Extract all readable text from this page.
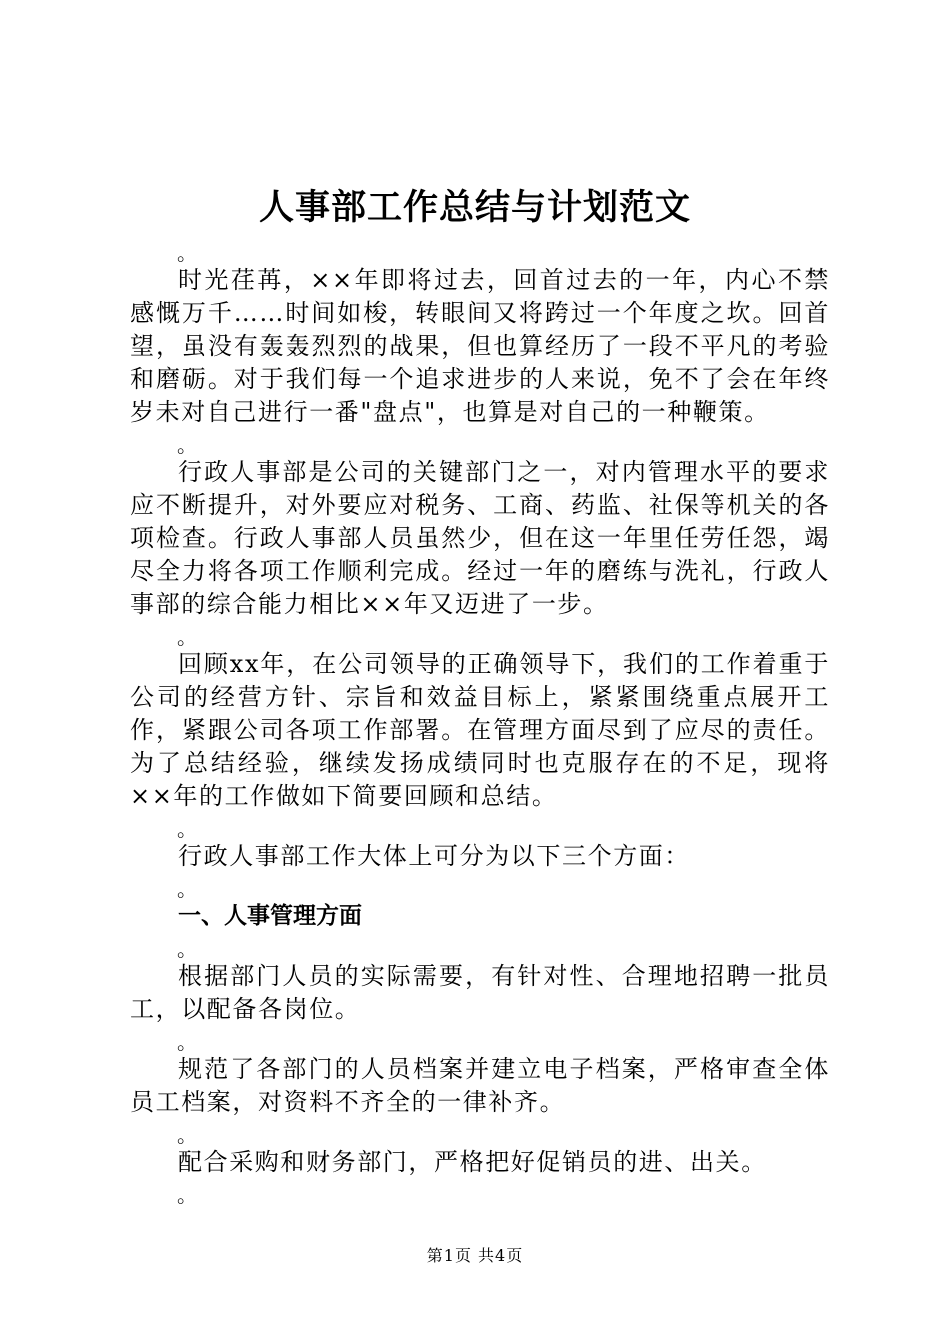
人事部工作总结与计划范文
。

时光荏苒，××年即将过去，回首过去的一年，内心不禁感慨万千……时间如梭，转眼间又将跨过一个年度之坎。回首望，虽没有轰轰烈烈的战果，但也算经历了一段不平凡的考验和磨砺。对于我们每一个追求进步的人来说，免不了会在年终岁未对自己进行一番"盘点"，也算是对自己的一种鞭策。

。

行政人事部是公司的关键部门之一，对内管理水平的要求应不断提升，对外要应对税务、工商、药监、社保等机关的各项检查。行政人事部人员虽然少，但在这一年里任劳任怨，竭尽全力将各项工作顺利完成。经过一年的磨练与洗礼，行政人事部的综合能力相比××年又迈进了一步。

。

回顾xx年，在公司领导的正确领导下，我们的工作着重于公司的经营方针、宗旨和效益目标上，紧紧围绕重点展开工作，紧跟公司各项工作部署。在管理方面尽到了应尽的责任。为了总结经验，继续发扬成绩同时也克服存在的不足，现将××年的工作做如下简要回顾和总结。

。

行政人事部工作大体上可分为以下三个方面：

。
一、人事管理方面
。

根据部门人员的实际需要，有针对性、合理地招聘一批员工，以配备各岗位。

。

规范了各部门的人员档案并建立电子档案，严格审查全体员工档案，对资料不齐全的一律补齐。

。

配合采购和财务部门，严格把好促销员的进、出关。

。
第1页 共4页
